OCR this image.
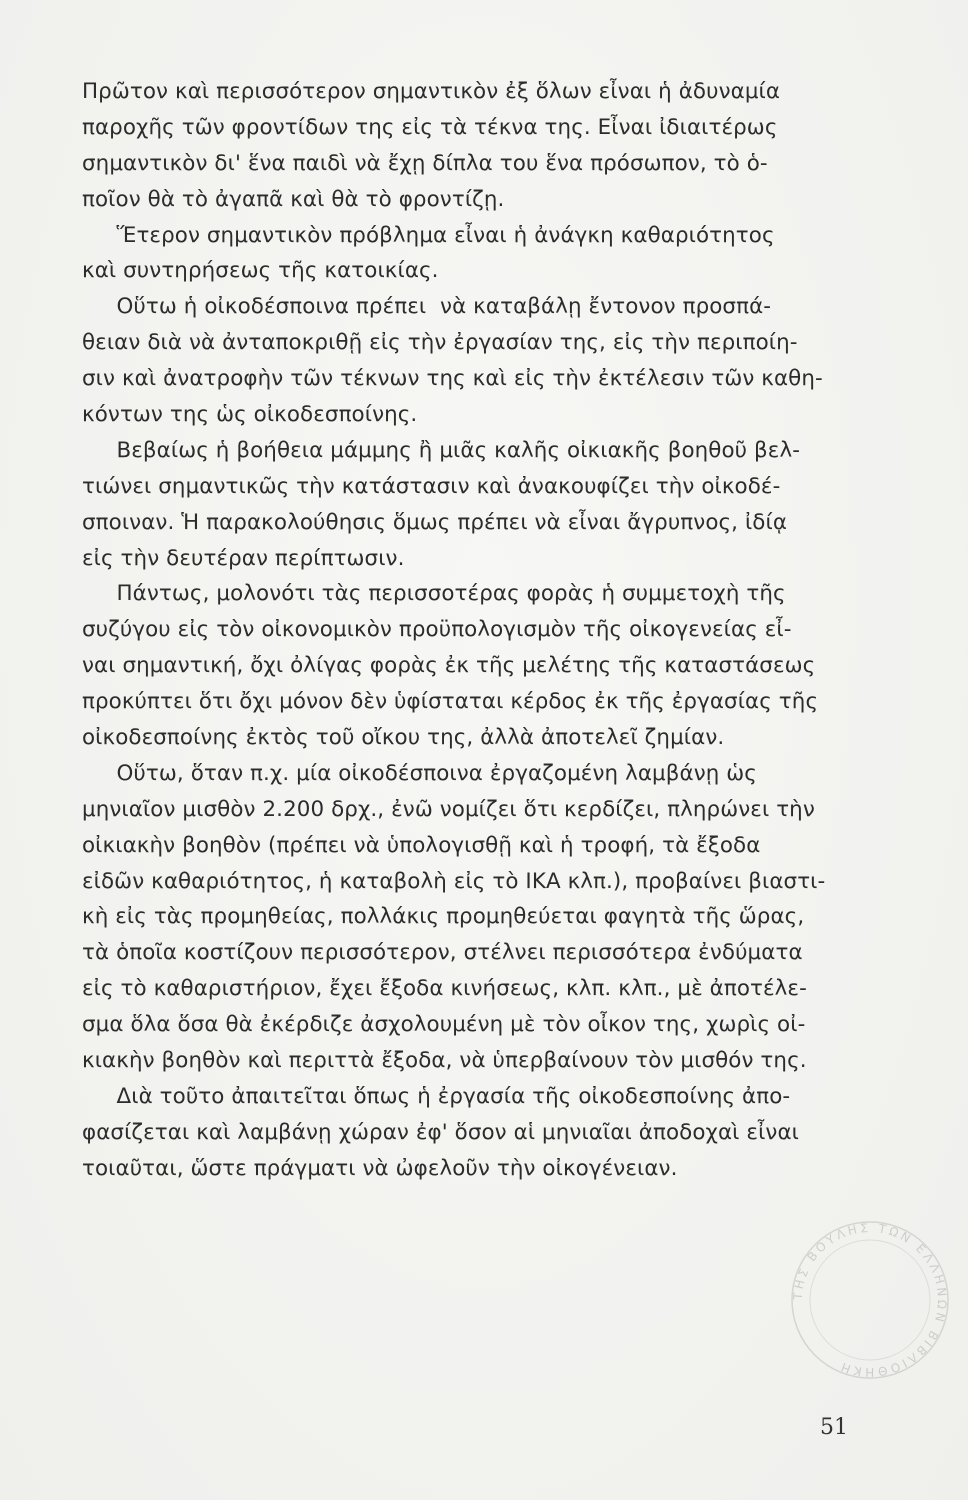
Πρῶτον καὶ περισσότερον σημαντικὸν ἐξ ὅλων εἶναι ἡ ἀδυναμία
παροχῆς τῶν φροντίδων της εἰς τὰ τέκνα της. Εἶναι ἰδιαιτέρως
σημαντικὸν δι' ἕνα παιδὶ νὰ ἔχῃ δίπλα του ἕνα πρόσωπον, τὸ ὁ-
ποῖον θὰ τὸ ἀγαπᾶ καὶ θὰ τὸ φροντίζῃ.
Ἕτερον σημαντικὸν πρόβλημα εἶναι ἡ ἀνάγκη καθαριότητος
καὶ συντηρήσεως τῆς κατοικίας.
Οὕτω ἡ οἰκοδέσποινα πρέπει  νὰ καταβάλῃ ἔντονον προσπά-
θειαν διὰ νὰ ἀνταποκριθῇ εἰς τὴν ἐργασίαν της, εἰς τὴν περιποίη-
σιν καὶ ἀνατροφὴν τῶν τέκνων της καὶ εἰς τὴν ἐκτέλεσιν τῶν καθη-
κόντων της ὡς οἰκοδεσποίνης.
Βεβαίως ἡ βοήθεια μάμμης ἢ μιᾶς καλῆς οἰκιακῆς βοηθοῦ βελ-
τιώνει σημαντικῶς τὴν κατάστασιν καὶ ἀνακουφίζει τὴν οἰκοδέ-
σποιναν. Ἡ παρακολούθησις ὅμως πρέπει νὰ εἶναι ἄγρυπνος, ἰδίᾳ
εἰς τὴν δευτέραν περίπτωσιν.
Πάντως, μολονότι τὰς περισσοτέρας φορὰς ἡ συμμετοχὴ τῆς
συζύγου εἰς τὸν οἰκονομικὸν προϋπολογισμὸν τῆς οἰκογενείας εἶ-
ναι σημαντική, ὄχι ὀλίγας φορὰς ἐκ τῆς μελέτης τῆς καταστάσεως
προκύπτει ὅτι ὄχι μόνον δὲν ὑφίσταται κέρδος ἐκ τῆς ἐργασίας τῆς
οἰκοδεσποίνης ἐκτὸς τοῦ οἴκου της, ἀλλὰ ἀποτελεῖ ζημίαν.
Οὕτω, ὅταν π.χ. μία οἰκοδέσποινα ἐργαζομένη λαμβάνῃ ὡς
μηνιαῖον μισθὸν 2.200 δρχ., ἐνῶ νομίζει ὅτι κερδίζει, πληρώνει τὴν
οἰκιακὴν βοηθὸν (πρέπει νὰ ὑπολογισθῇ καὶ ἡ τροφή, τὰ ἔξοδα
εἰδῶν καθαριότητος, ἡ καταβολὴ εἰς τὸ ΙΚΑ κλπ.), προβαίνει βιαστι-
κὴ εἰς τὰς προμηθείας, πολλάκις προμηθεύεται φαγητὰ τῆς ὥρας,
τὰ ὁποῖα κοστίζουν περισσότερον, στέλνει περισσότερα ἐνδύματα
εἰς τὸ καθαριστήριον, ἔχει ἔξοδα κινήσεως, κλπ. κλπ., μὲ ἀποτέλε-
σμα ὅλα ὅσα θὰ ἐκέρδιζε ἀσχολουμένη μὲ τὸν οἶκον της, χωρὶς οἰ-
κιακὴν βοηθὸν καὶ περιττὰ ἔξοδα, νὰ ὑπερβαίνουν τὸν μισθόν της.
Διὰ τοῦτο ἀπαιτεῖται ὅπως ἡ ἐργασία τῆς οἰκοδεσποίνης ἀπο-
φασίζεται καὶ λαμβάνῃ χώραν ἐφ' ὅσον αἱ μηνιαῖαι ἀποδοχαὶ εἶναι
τοιαῦται, ὥστε πράγματι νὰ ὠφελοῦν τὴν οἰκογένειαν.
ΤΗΣ ΒΟΥΛΗΣ ΤΩΝ ΕΛΛΗΝΩΝ ΒΙΒΛΙΟΘΗΚΗ
51
